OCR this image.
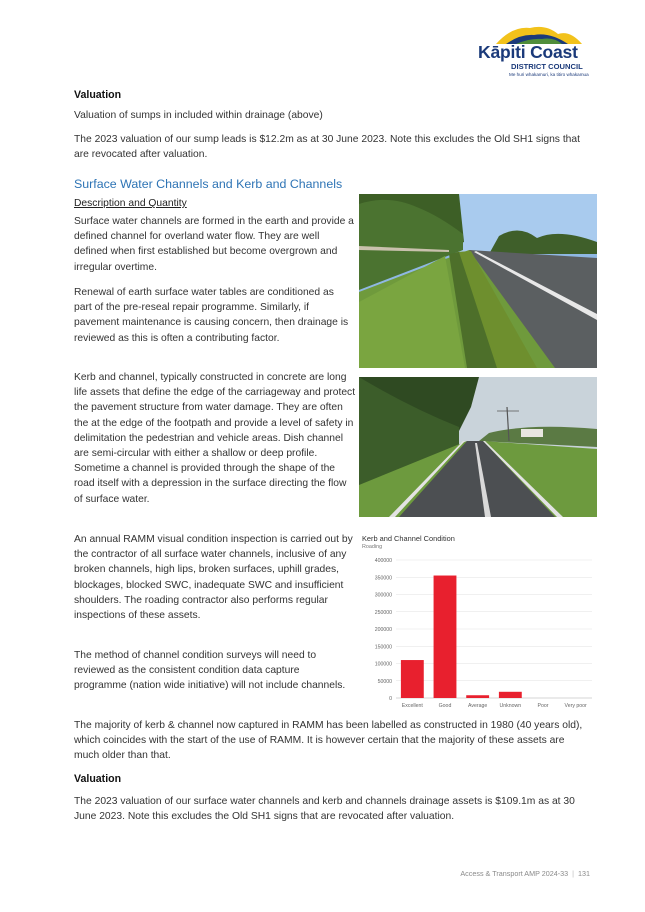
Kāpiti Coast
DISTRICT COUNCIL
Me huri whakamuri, ka titiro whakamua

Valuation

Valuation of sumps in included within drainage (above)

The 2023 valuation of our sump leads is $12.2m as at 30 June 2023. Note this excludes the Old SH1 signs that are revocated after valuation.

Surface Water Channels and Kerb and Channels

Description and Quantity

Surface water channels are formed in the earth and provide a defined channel for overland water flow. They are well defined when first established but become overgrown and irregular overtime.

Renewal of earth surface water tables are conditioned as part of the pre-reseal repair programme. Similarly, if pavement maintenance is causing concern, then drainage is reviewed as this is often a contributing factor.

Kerb and channel, typically constructed in concrete are long life assets that define the edge of the carriageway and protect the pavement structure from water damage. They are often the at the edge of the footpath and provide a level of safety in delimitation the pedestrian and vehicle areas. Dish channel are semi-circular with either a shallow or deep profile. Sometime a channel is provided through the shape of the road itself with a depression in the surface directing the flow of surface water.

An annual RAMM visual condition inspection is carried out by the contractor of all surface water channels, inclusive of any broken channels, high lips, broken surfaces, uphill grades, blockages, blocked SWC, inadequate SWC and insufficient shoulders. The roading contractor also performs regular inspections of these assets.

The method of channel condition surveys will need to reviewed as the consistent condition data capture programme (nation wide initiative) will not include channels.

The majority of kerb & channel now captured in RAMM has been labelled as constructed in 1980 (40 years old), which coincides with the start of the use of RAMM. It is however certain that the majority of these assets are much older than that.

Kerb and Channel Condition
Roading
0
50000
100000
150000
200000
250000
300000
350000
400000
Excellent	Good	Average Unknown	Poor	Very poor

Valuation

The 2023 valuation of our surface water channels and kerb and channels drainage assets is $109.1m as at 30 June 2023. Note this excludes the Old SH1 signs that are revocated after valuation.

Access & Transport AMP 2024-33 | 131
